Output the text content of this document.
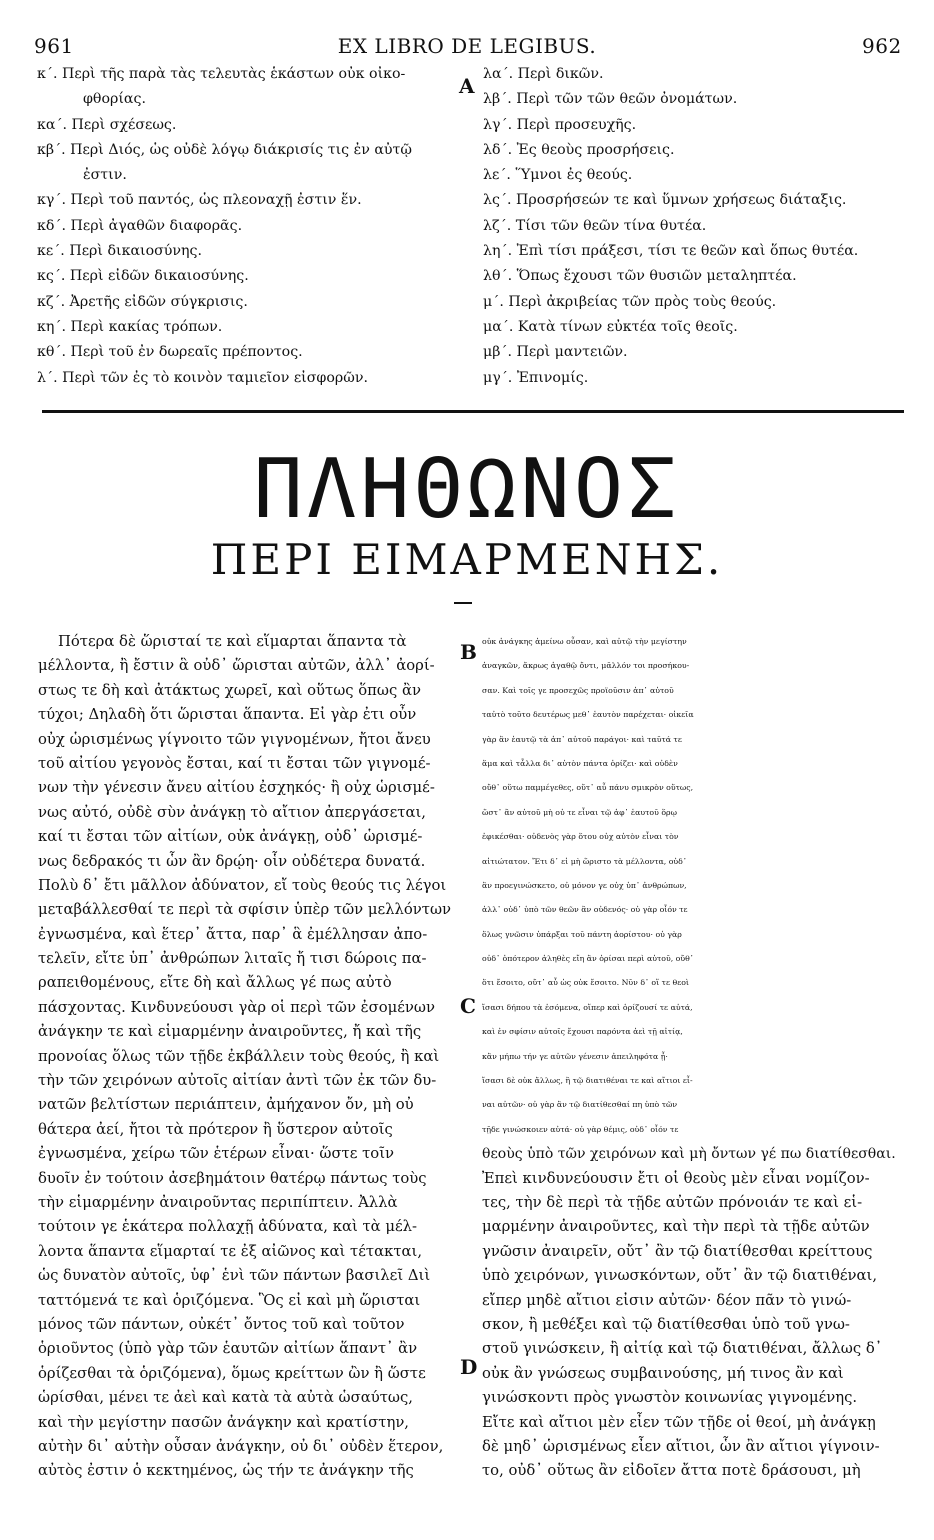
961	EX LIBRO DE LEGIBUS.	962
κ΄. Περὶ τῆς παρὰ τὰς τελευτὰς ἑκάστων οὐκ οἰκο-
φθορίας.
κα΄. Περὶ σχέσεως.
κβ΄. Περὶ Διός, ὡς οὐδὲ λόγῳ διάκρισίς τις ἐν αὐτῷ
ἐστιν.
κγ΄. Περὶ τοῦ παντός, ὡς πλεοναχῇ ἐστιν ἕν.
κδ΄. Περὶ ἀγαθῶν διαφορᾶς.
κε΄. Περὶ δικαιοσύνης.
κς΄. Περὶ εἰδῶν δικαιοσύνης.
κζ΄. Ἀρετῆς εἰδῶν σύγκρισις.
κη΄. Περὶ κακίας τρόπων.
κθ΄. Περὶ τοῦ ἐν δωρεαῖς πρέποντος.
λ΄. Περὶ τῶν ἐς τὸ κοινὸν ταμιεῖον εἰσφορῶν.
λα΄. Περὶ δικῶν.
λβ΄. Περὶ τῶν τῶν θεῶν ὀνομάτων.
λγ΄. Περὶ προσευχῆς.
λδ΄. Ἐς θεοὺς προσρήσεις.
λε΄. Ὕμνοι ἐς θεούς.
λς΄. Προσρήσεών τε καὶ ὕμνων χρήσεως διάταξις.
λζ΄. Τίσι τῶν θεῶν τίνα θυτέα.
λη΄. Ἐπὶ τίσι πράξεσι, τίσι τε θεῶν καὶ ὅπως θυτέα.
λθ΄. Ὅπως ἔχουσι τῶν θυσιῶν μεταληπτέα.
μ΄. Περὶ ἀκριβείας τῶν πρὸς τοὺς θεούς.
μα΄. Κατὰ τίνων εὐκτέα τοῖς θεοῖς.
μβ΄. Περὶ μαντειῶν.
μγ΄. Ἐπινομίς.
A
B
C
D
ΠΛΗΘΩΝΟΣ
ΠΕΡΙ ΕΙΜΑΡΜΕΝΗΣ.
Πότερα δὲ ὥρισταί τε καὶ εἵμαρται ἅπαντα τὰ
μέλλοντα, ἢ ἔστιν ἃ οὐδ᾽ ὥρισται αὐτῶν, ἀλλ᾽ ἀορί-
στως τε δὴ καὶ ἀτάκτως χωρεῖ, καὶ οὕτως ὅπως ἂν
τύχοι; Δηλαδὴ ὅτι ὥρισται ἅπαντα. Εἰ γὰρ ἐτι οὖν
οὐχ ὡρισμένως γίγνοιτο τῶν γιγνομένων, ἤτοι ἄνευ
τοῦ αἰτίου γεγονὸς ἔσται, καί τι ἔσται τῶν γιγνομέ-
νων τὴν γένεσιν ἄνευ αἰτίου ἐσχηκός· ἢ οὐχ ὡρισμέ-
νως αὐτό, οὐδὲ σὺν ἀνάγκῃ τὸ αἴτιον ἀπεργάσεται,
καί τι ἔσται τῶν αἰτίων, οὐκ ἀνάγκῃ, οὐδ᾽ ὡρισμέ-
νως δεδρακός τι ὧν ἂν δρῴη· οἷν οὐδέτερα δυνατά.
Πολὺ δ᾽ ἔτι μᾶλλον ἀδύνατον, εἴ τοὺς θεούς τις λέγοι
μεταβάλλεσθαί τε περὶ τὰ σφίσιν ὑπὲρ τῶν μελλόντων
ἐγνωσμένα, καὶ ἕτερ᾽ ἄττα, παρ᾽ ἃ ἐμέλλησαν ἀπο-
τελεῖν, εἴτε ὑπ᾽ ἀνθρώπων λιταῖς ἤ τισι δώροις πα-
ραπειθομένους, εἴτε δὴ καὶ ἄλλως γέ πως αὐτὸ
πάσχοντας. Κινδυνεύουσι γὰρ οἱ περὶ τῶν ἐσομένων
ἀνάγκην τε καὶ εἱμαρμένην ἀναιροῦντες, ἤ καὶ τῆς
προνοίας ὅλως τῶν τῇδε ἐκβάλλειν τοὺς θεούς, ἢ καὶ
τὴν τῶν χειρόνων αὐτοῖς αἰτίαν ἀντὶ τῶν ἐκ τῶν δυ-
νατῶν βελτίστων περιάπτειν, ἀμήχανον ὄν, μὴ οὐ
θάτερα ἀεί, ἤτοι τὰ πρότερον ἢ ὕστερον αὐτοῖς
ἐγνωσμένα, χείρω τῶν ἑτέρων εἶναι· ὥστε τοῖν
δυοῖν ἐν τούτοιν ἀσεβημάτοιν θατέρῳ πάντως τοὺς
τὴν εἱμαρμένην ἀναιροῦντας περιπίπτειν. Ἀλλὰ
τούτοιν γε ἑκάτερα πολλαχῇ ἀδύνατα, καὶ τὰ μέλ-
λοντα ἅπαντα εἵμαρταί τε ἐξ αἰῶνος καὶ τέτακται,
ὡς δυνατὸν αὐτοῖς, ὑφ᾽ ἑνὶ τῶν πάντων βασιλεῖ Διὶ
ταττόμενά τε καὶ ὁριζόμενα. Ὃς εἰ καὶ μὴ ὥρισται
μόνος τῶν πάντων, οὐκέτ᾽ ὄντος τοῦ καὶ τοῦτον
ὁριοῦντος (ὑπὸ γὰρ τῶν ἑαυτῶν αἰτίων ἅπαντ᾽ ἂν
ὁρίζεσθαι τὰ ὁριζόμενα), ὅμως κρείττων ὢν ἢ ὥστε
ὡρίσθαι, μένει τε ἀεὶ καὶ κατὰ τὰ αὐτὰ ὡσαύτως,
καὶ τὴν μεγίστην πασῶν ἀνάγκην καὶ κρατίστην,
αὐτὴν δι᾽ αὑτὴν οὖσαν ἀνάγκην, οὐ δι᾽ οὐδὲν ἕτερον,
αὐτὸς ἐστιν ὁ κεκτημένος, ὡς τήν τε ἀνάγκην τῆς
οὐκ ἀνάγκης ἀμείνω οὖσαν, καὶ αὐτῷ τὴν μεγίστην
ἀναγκῶν, ἄκρως ἀγαθῷ ὄντι, μᾶλλόν τοι προσήκου-
σαν. Καὶ τοῖς γε προσεχῶς προϊοῦσιν ἀπ᾽ αὐτοῦ
ταὐτὸ τοῦτο δευτέρως μεθ᾽ ἑαυτὸν παρέχεται· οἰκεῖα
γὰρ ἂν ἑαυτῷ τὰ ἀπ᾽ αὐτοῦ παράγοι· καὶ ταῦτά τε
ἅμα καὶ τἆλλα δι᾽ αὑτὸν πάντα ὁρίζει· καὶ οὐδὲν
οὔθ᾽ οὕτω παμμέγεθες, οὔτ᾽ αὖ πάνυ σμικρὸν οὕτως,
ὥστ᾽ ἂν αὐτοῦ μὴ οὐ τε εἶναι τῷ ἀφ᾽ ἑαυτοῦ ὅρῳ
ἐφικέσθαι· οὐδενὸς γὰρ ὅτου οὐχ αὐτὸν εἶναι τὸν
αἰτιώτατον. Ἔτι δ᾽ εἰ μὴ ὥριστο τὰ μέλλοντα, οὐδ᾽
ἂν προεγινώσκετο, οὐ μόνον γε οὐχ ὑπ᾽ ἀνθρώπων,
ἀλλ᾽ οὐδ᾽ ὑπὸ τῶν θεῶν ἂν οὐδενός· οὐ γὰρ οἷόν τε
ὅλως γνῶσιν ὑπάρξαι τοῦ πάντη ἀορίστου· οὐ γὰρ
οὐδ᾽ ὁπότερον ἀληθὲς εἴη ἂν ὁρίσαι περὶ αὐτοῦ, οὔθ᾽
ὅτι ἔσοιτο, οὔτ᾽ αὖ ὡς οὐκ ἔσοιτο. Νῦν δ᾽ οἵ τε θεοὶ
ἴσασι δήπου τὰ ἐσόμενα, οἵπερ καὶ ὁρίζουσί τε αὐτά,
καὶ ἐν σφίσιν αὐτοῖς ἔχουσι παρόντα ἀεὶ τῇ αἰτίᾳ,
κἂν μήπω τήν γε αὐτῶν γένεσιν ἀπειληφότα ᾖ·
ἴσασι δὲ οὐκ ἄλλως, ἢ τῷ διατιθέναι τε καὶ αἴτιοι εἶ-
ναι αὐτῶν· οὐ γὰρ ἂν τῷ διατίθεσθαί πη ὑπὸ τῶν
τῇδε γινώσκοιεν αὐτά· οὐ γὰρ θέμις, οὐδ᾽ οἷόν τε
θεοὺς ὑπὸ τῶν χειρόνων καὶ μὴ ὄντων γέ πω διατίθεσθαι.
Ἐπεὶ κινδυνεύουσιν ἔτι οἱ θεοὺς μὲν εἶναι νομίζον-
τες, τὴν δὲ περὶ τὰ τῇδε αὐτῶν πρόνοιάν τε καὶ εἱ-
μαρμένην ἀναιροῦντες, καὶ τὴν περὶ τὰ τῇδε αὐτῶν
γνῶσιν ἀναιρεῖν, οὔτ᾽ ἂν τῷ διατίθεσθαι κρείττους
ὑπὸ χειρόνων, γινωσκόντων, οὔτ᾽ ἂν τῷ διατιθέναι,
εἴπερ μηδὲ αἴτιοι εἰσιν αὐτῶν· δέον πᾶν τὸ γινώ-
σκον, ἢ μεθέξει καὶ τῷ διατίθεσθαι ὑπὸ τοῦ γνω-
στοῦ γινώσκειν, ἢ αἰτίᾳ καὶ τῷ διατιθέναι, ἄλλως δ᾽
οὐκ ἂν γνώσεως συμβαινούσης, μή τινος ἂν καὶ
γινώσκοντι πρὸς γνωστὸν κοινωνίας γιγνομένης.
Εἴτε καὶ αἴτιοι μὲν εἶεν τῶν τῇδε οἱ θεοί, μὴ ἀνάγκῃ
δὲ μηδ᾽ ὡρισμένως εἶεν αἴτιοι, ὧν ἂν αἴτιοι γίγνοιν-
το, οὐδ᾽ οὕτως ἂν εἰδοῖεν ἄττα ποτὲ δράσουσι, μὴ
